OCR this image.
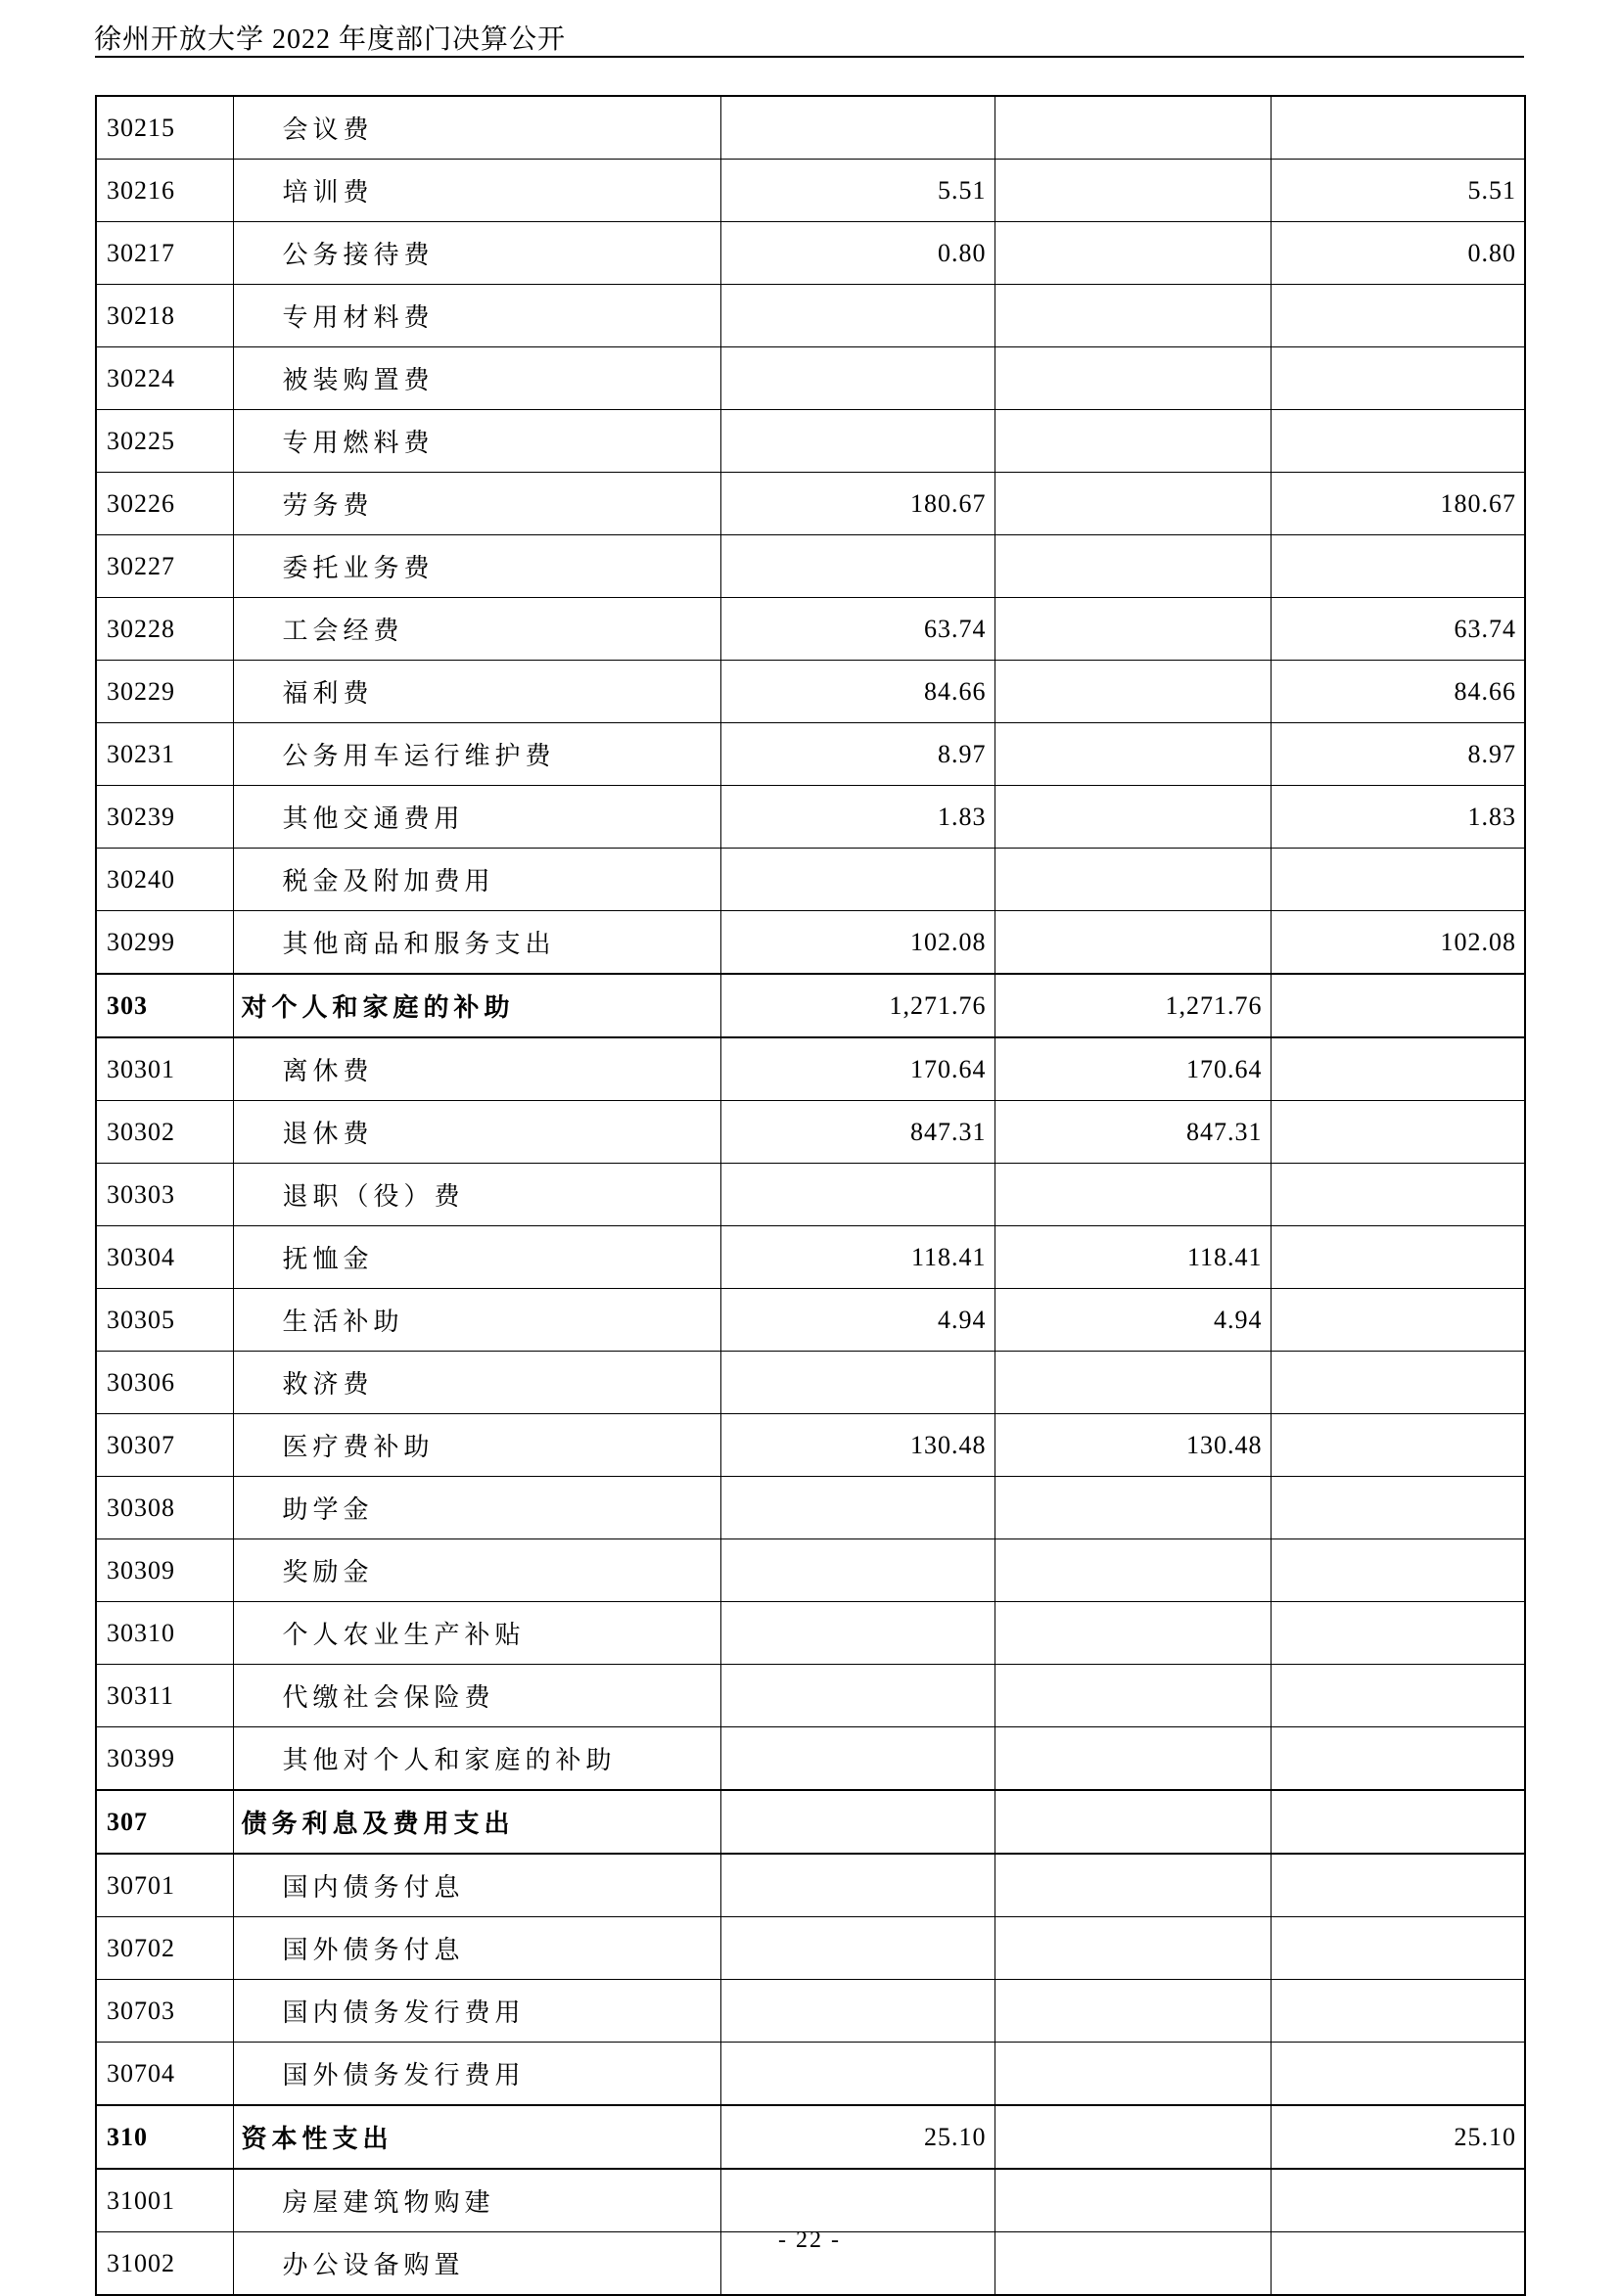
徐州开放大学 2022 年度部门决算公开
30215	会议费			
30216	培训费	5.51		5.51
30217	公务接待费	0.80		0.80
30218	专用材料费			
30224	被装购置费			
30225	专用燃料费			
30226	劳务费	180.67		180.67
30227	委托业务费			
30228	工会经费	63.74		63.74
30229	福利费	84.66		84.66
30231	公务用车运行维护费	8.97		8.97
30239	其他交通费用	1.83		1.83
30240	税金及附加费用			
30299	其他商品和服务支出	102.08		102.08
303	对个人和家庭的补助	1,271.76	1,271.76	
30301	离休费	170.64	170.64	
30302	退休费	847.31	847.31	
30303	退职（役）费			
30304	抚恤金	118.41	118.41	
30305	生活补助	4.94	4.94	
30306	救济费			
30307	医疗费补助	130.48	130.48	
30308	助学金			
30309	奖励金			
30310	个人农业生产补贴			
30311	代缴社会保险费			
30399	其他对个人和家庭的补助			
307	债务利息及费用支出			
30701	国内债务付息			
30702	国外债务付息			
30703	国内债务发行费用			
30704	国外债务发行费用			
310	资本性支出	25.10		25.10
31001	房屋建筑物购建			
31002	办公设备购置			
- 22 -
